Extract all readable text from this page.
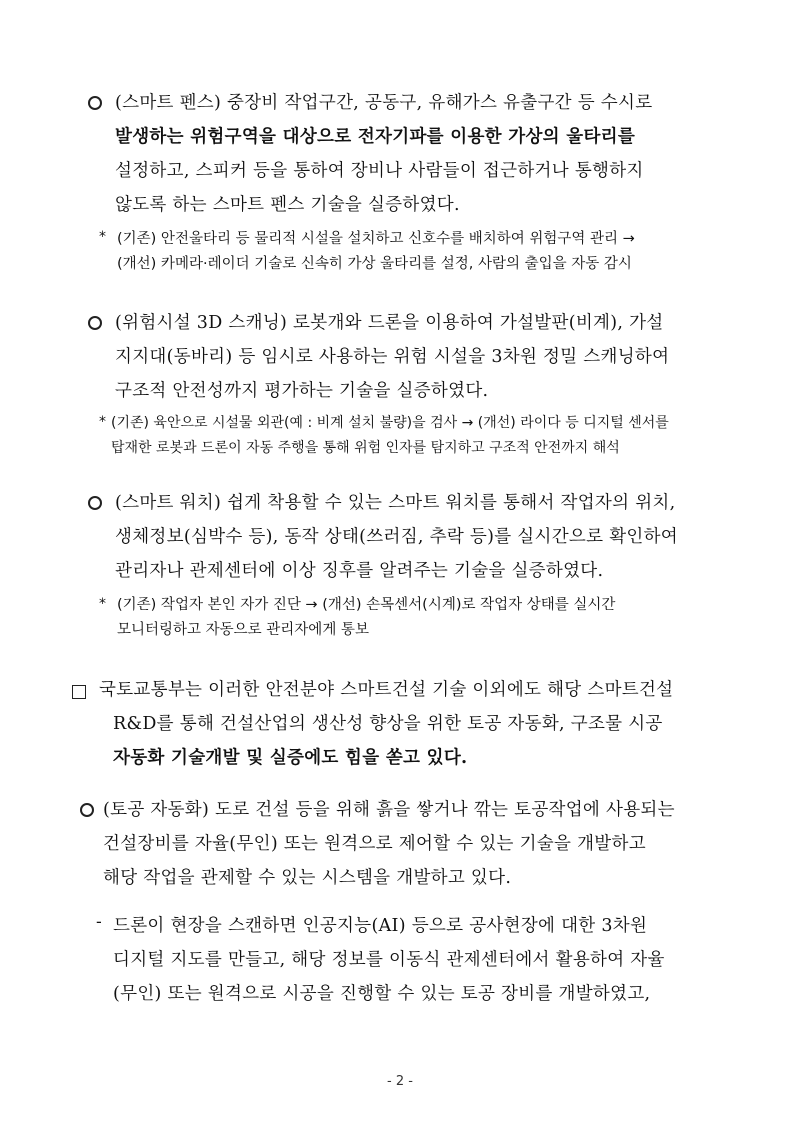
(스마트 펜스) 중장비 작업구간, 공동구, 유해가스 유출구간 등 수시로
발생하는 위험구역을 대상으로 전자기파를 이용한 가상의 울타리를
설정하고, 스피커 등을 통하여 장비나 사람들이 접근하거나 통행하지
않도록 하는 스마트 펜스 기술을 실증하였다.
* (기존) 안전울타리 등 물리적 시설을 설치하고 신호수를 배치하여 위험구역 관리 →
(개선) 카메라·레이더 기술로 신속히 가상 울타리를 설정, 사람의 출입을 자동 감시
(위험시설 3D 스캐닝) 로봇개와 드론을 이용하여 가설발판(비계), 가설
지지대(동바리) 등 임시로 사용하는 위험 시설을 3차원 정밀 스캐닝하여
구조적 안전성까지 평가하는 기술을 실증하였다.
* (기존) 육안으로 시설물 외관(예 : 비계 설치 불량)을 검사 → (개선) 라이다 등 디지털 센서를
탑재한 로봇과 드론이 자동 주행을 통해 위험 인자를 탐지하고 구조적 안전까지 해석
(스마트 워치) 쉽게 착용할 수 있는 스마트 워치를 통해서 작업자의 위치,
생체정보(심박수 등), 동작 상태(쓰러짐, 추락 등)를 실시간으로 확인하여
관리자나 관제센터에 이상 징후를 알려주는 기술을 실증하였다.
* (기존) 작업자 본인 자가 진단 → (개선) 손목센서(시계)로 작업자 상태를 실시간
모니터링하고 자동으로 관리자에게 통보
국토교통부는 이러한 안전분야 스마트건설 기술 이외에도 해당 스마트건설
R&D를 통해 건설산업의 생산성 향상을 위한 토공 자동화, 구조물 시공
자동화 기술개발 및 실증에도 힘을 쏟고 있다.
(토공 자동화) 도로 건설 등을 위해 흙을 쌓거나 깎는 토공작업에 사용되는
건설장비를 자율(무인) 또는 원격으로 제어할 수 있는 기술을 개발하고
해당 작업을 관제할 수 있는 시스템을 개발하고 있다.
- 드론이 현장을 스캔하면 인공지능(AI) 등으로 공사현장에 대한 3차원
디지털 지도를 만들고, 해당 정보를 이동식 관제센터에서 활용하여 자율
(무인) 또는 원격으로 시공을 진행할 수 있는 토공 장비를 개발하였고,
- 2 -
